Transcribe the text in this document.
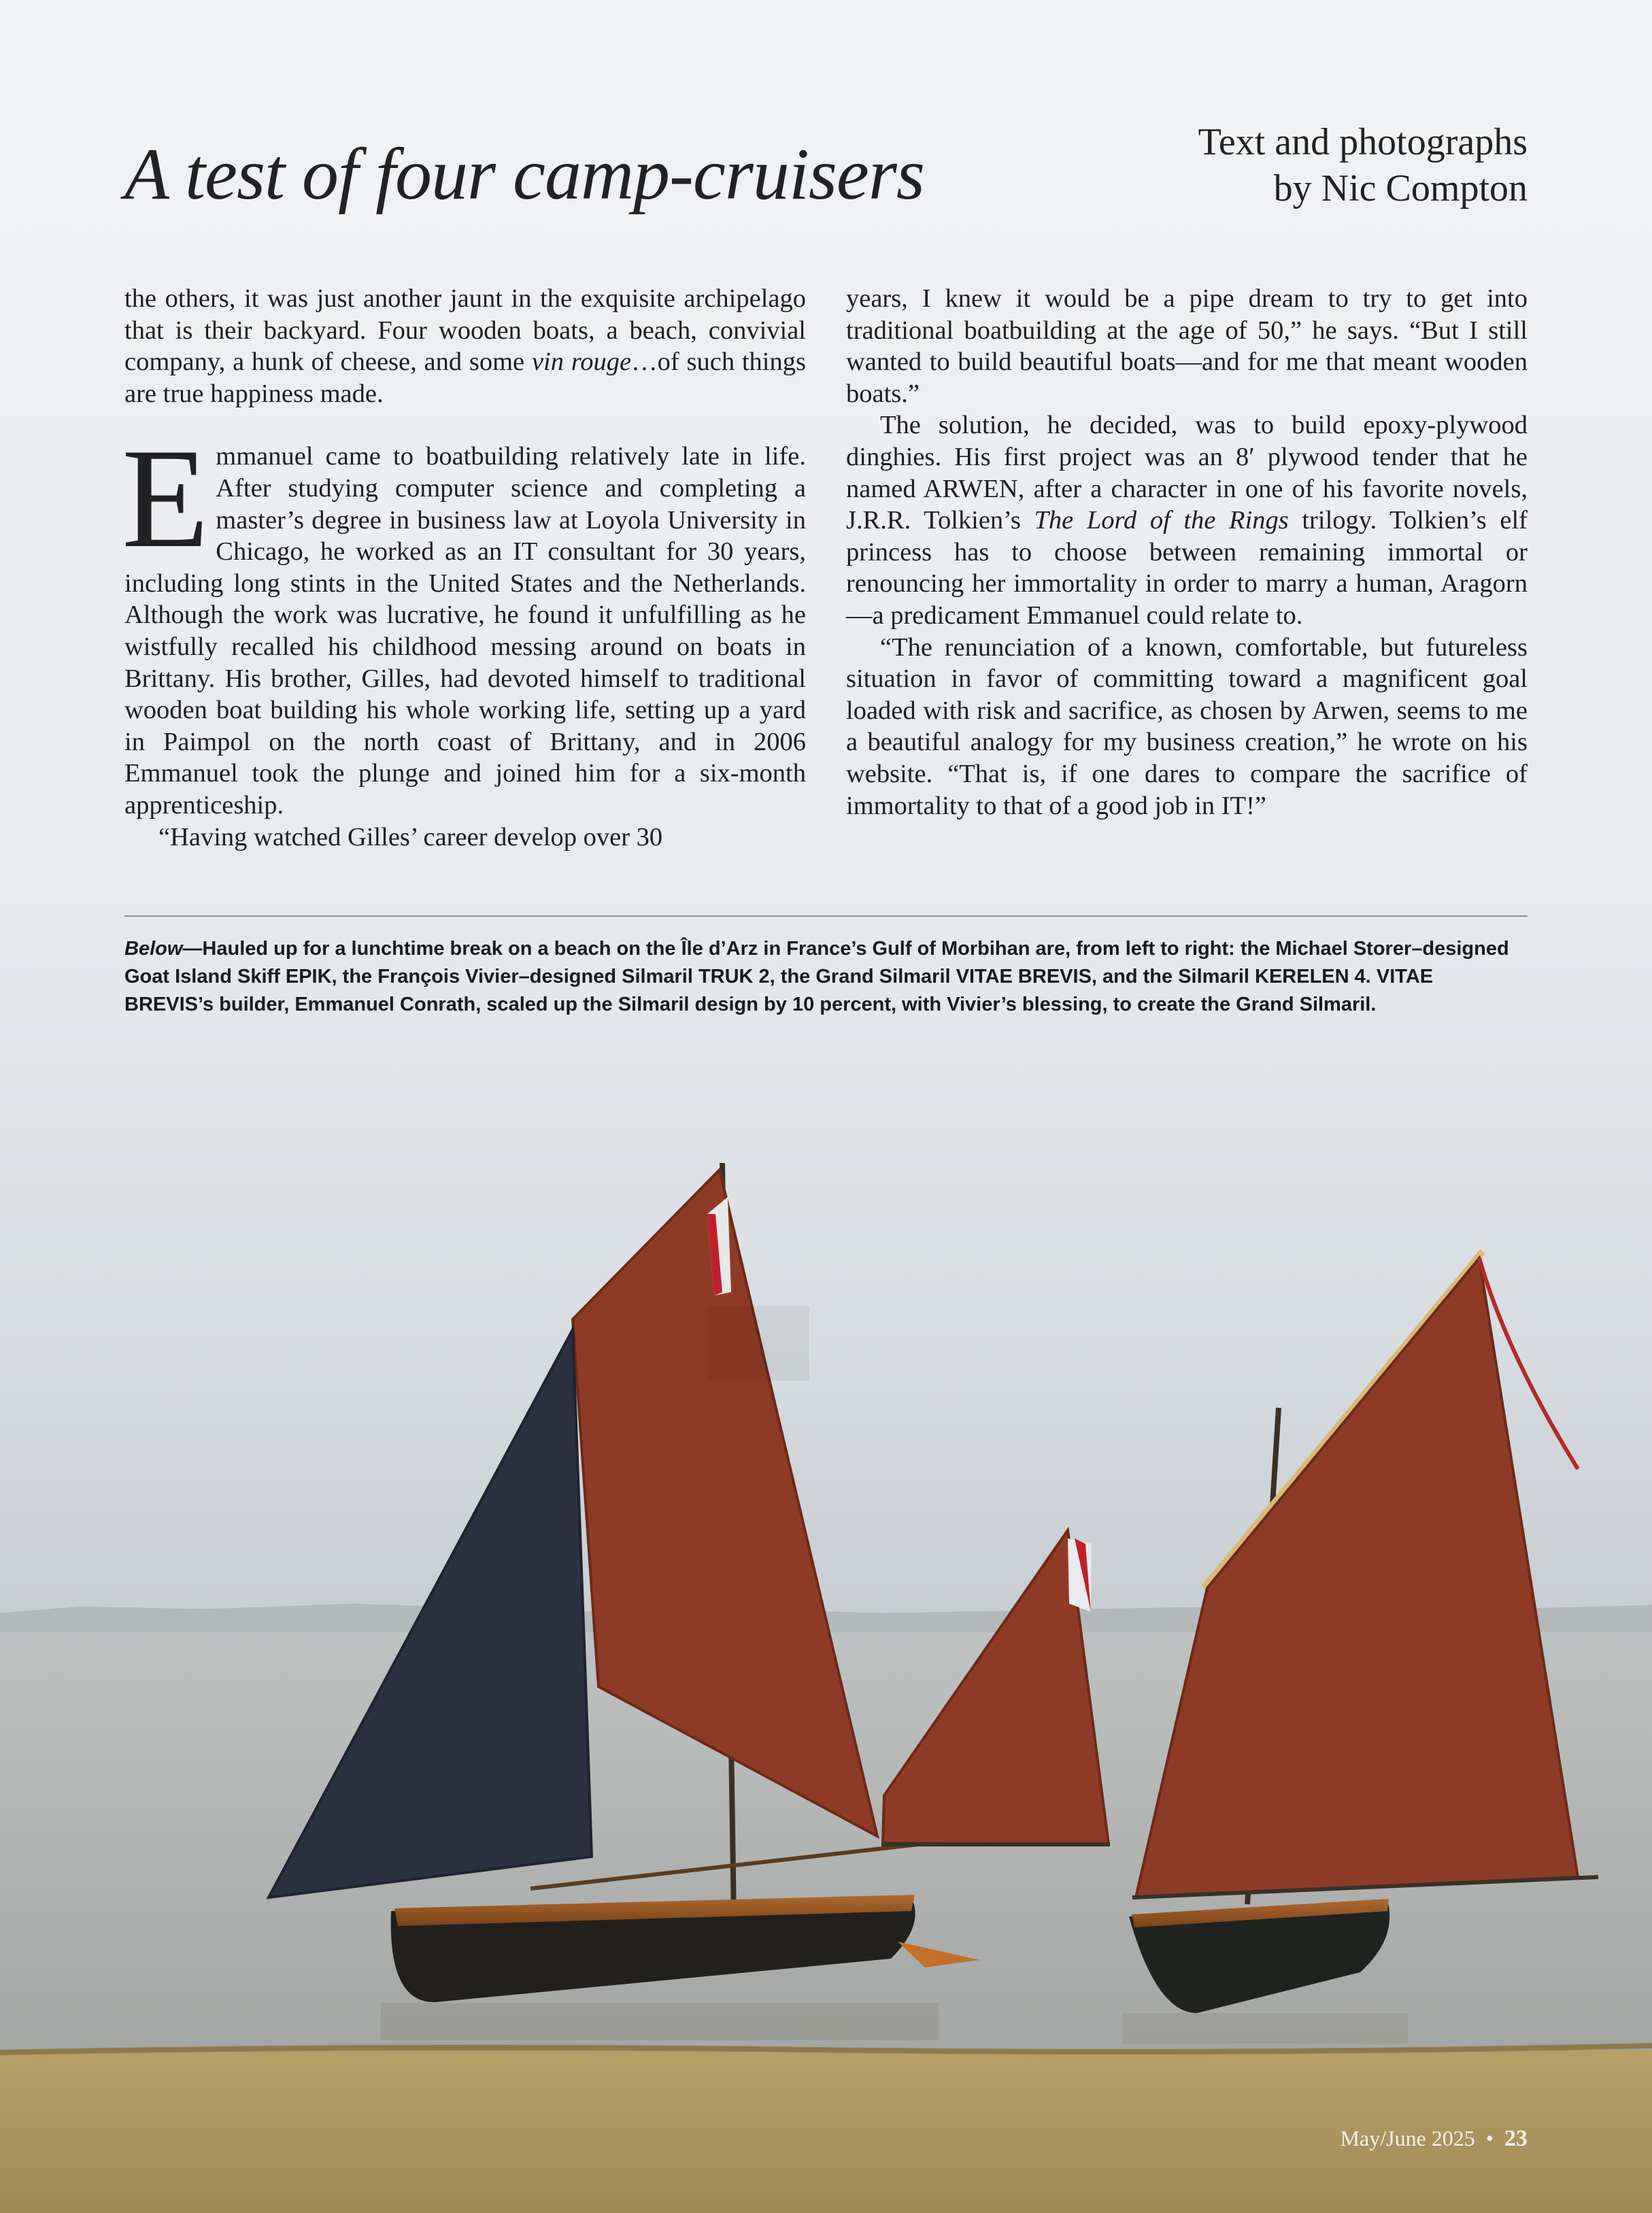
A test of four camp-cruisers	Text and photographs
by Nic Compton

the others, it was just another jaunt in the exquisite archipelago that is their backyard. Four wooden boats, a beach, convivial company, a hunk of cheese, and some vin rouge…of such things are true happiness made.

Emmanuel came to boatbuilding relatively late in life. After studying computer science and completing a master’s degree in business law at Loyola University in Chicago, he worked as an IT consultant for 30 years, including long stints in the United States and the Netherlands. Although the work was lucrative, he found it unfulfilling as he wistfully recalled his childhood messing around on boats in Brittany. His brother, Gilles, had devoted himself to traditional wooden boat building his whole working life, setting up a yard in Paimpol on the north coast of Brittany, and in 2006 Emmanuel took the plunge and joined him for a six-month apprenticeship.

“Having watched Gilles’ career develop over 30

years, I knew it would be a pipe dream to try to get into traditional boatbuilding at the age of 50,” he says. “But I still wanted to build beautiful boats—and for me that meant wooden boats.”

The solution, he decided, was to build epoxy-plywood dinghies. His first project was an 8′ plywood tender that he named ARWEN, after a character in one of his favorite novels, J.R.R. Tolkien’s The Lord of the Rings trilogy. Tolkien’s elf princess has to choose between remaining immortal or renouncing her immortality in order to marry a human, Aragorn—a predicament Emmanuel could relate to.

“The renunciation of a known, comfortable, but futureless situation in favor of committing toward a magnificent goal loaded with risk and sacrifice, as chosen by Arwen, seems to me a beautiful analogy for my business creation,” he wrote on his website. “That is, if one dares to compare the sacrifice of immortality to that of a good job in IT!”

Below—Hauled up for a lunchtime break on a beach on the Île d’Arz in France’s Gulf of Morbihan are, from left to right: the Michael Storer–designed Goat Island Skiff EPIK, the François Vivier–designed Silmaril TRUK 2, the Grand Silmaril VITAE BREVIS, and the Silmaril KERELEN 4. VITAE BREVIS’s builder, Emmanuel Conrath, scaled up the Silmaril design by 10 percent, with Vivier’s blessing, to create the Grand Silmaril.

May/June 2025 • 23
